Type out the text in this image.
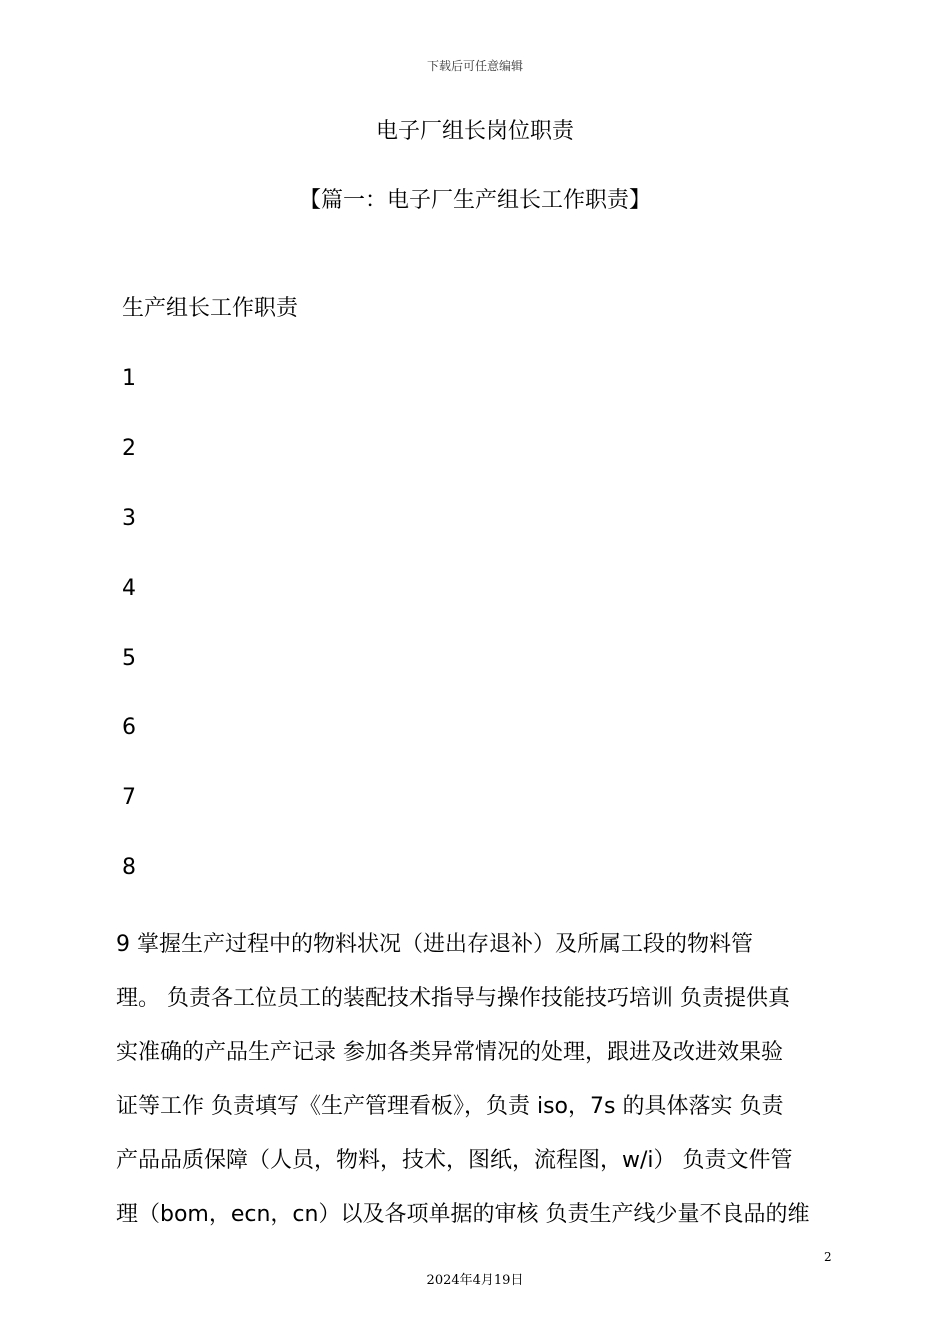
下载后可任意编辑
电子厂组长岗位职责
【篇一：电子厂生产组长工作职责】
生产组长工作职责
1
2
3
4
5
6
7
8
9 掌握生产过程中的物料状况（进出存退补）及所属工段的物料管
理。 负责各工位员工的装配技术指导与操作技能技巧培训 负责提供真
实准确的产品生产记录 参加各类异常情况的处理，跟进及改进效果验
证等工作 负责填写《生产管理看板》，负责 iso，7s 的具体落实 负责
产品品质保障（人员，物料，技术，图纸，流程图，w/i） 负责文件管
理（bom，ecn，cn）以及各项单据的审核 负责生产线少量不良品的维
2
2024年4月19日
